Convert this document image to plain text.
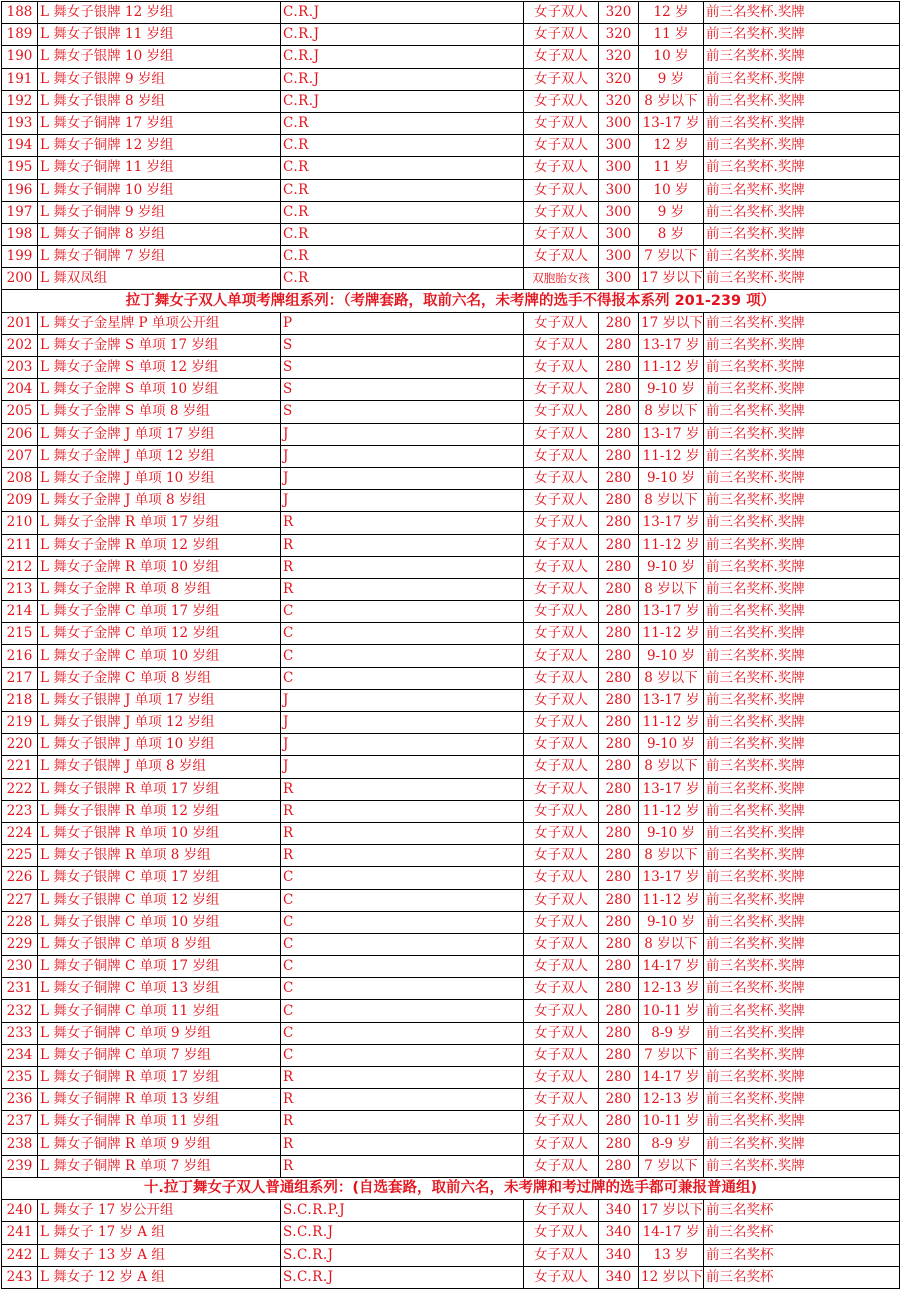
188	L 舞女子银牌 12 岁组	C.R.J	女子双人	320	12 岁	前三名奖杯.奖牌
189	L 舞女子银牌 11 岁组	C.R.J	女子双人	320	11 岁	前三名奖杯.奖牌
190	L 舞女子银牌 10 岁组	C.R.J	女子双人	320	10 岁	前三名奖杯.奖牌
191	L 舞女子银牌 9 岁组	C.R.J	女子双人	320	9 岁	前三名奖杯.奖牌
192	L 舞女子银牌 8 岁组	C.R.J	女子双人	320	8 岁以下	前三名奖杯.奖牌
193	L 舞女子铜牌 17 岁组	C.R	女子双人	300	13-17 岁	前三名奖杯.奖牌
194	L 舞女子铜牌 12 岁组	C.R	女子双人	300	12 岁	前三名奖杯.奖牌
195	L 舞女子铜牌 11 岁组	C.R	女子双人	300	11 岁	前三名奖杯.奖牌
196	L 舞女子铜牌 10 岁组	C.R	女子双人	300	10 岁	前三名奖杯.奖牌
197	L 舞女子铜牌 9 岁组	C.R	女子双人	300	9 岁	前三名奖杯.奖牌
198	L 舞女子铜牌 8 岁组	C.R	女子双人	300	8 岁	前三名奖杯.奖牌
199	L 舞女子铜牌 7 岁组	C.R	女子双人	300	7 岁以下	前三名奖杯.奖牌
200	L 舞双凤组	C.R	双胞胎女孩	300	17 岁以下	前三名奖杯.奖牌
拉丁舞女子双人单项考牌组系列：（考牌套路，取前六名，未考牌的选手不得报本系列 201-239 项）						
201	L 舞女子金星牌 P 单项公开组	P	女子双人	280	17 岁以下	前三名奖杯.奖牌
202	L 舞女子金牌 S 单项 17 岁组	S	女子双人	280	13-17 岁	前三名奖杯.奖牌
203	L 舞女子金牌 S 单项 12 岁组	S	女子双人	280	11-12 岁	前三名奖杯.奖牌
204	L 舞女子金牌 S 单项 10 岁组	S	女子双人	280	9-10 岁	前三名奖杯.奖牌
205	L 舞女子金牌 S 单项 8 岁组	S	女子双人	280	8 岁以下	前三名奖杯.奖牌
206	L 舞女子金牌 J 单项 17 岁组	J	女子双人	280	13-17 岁	前三名奖杯.奖牌
207	L 舞女子金牌 J 单项 12 岁组	J	女子双人	280	11-12 岁	前三名奖杯.奖牌
208	L 舞女子金牌 J 单项 10 岁组	J	女子双人	280	9-10 岁	前三名奖杯.奖牌
209	L 舞女子金牌 J 单项 8 岁组	J	女子双人	280	8 岁以下	前三名奖杯.奖牌
210	L 舞女子金牌 R 单项 17 岁组	R	女子双人	280	13-17 岁	前三名奖杯.奖牌
211	L 舞女子金牌 R 单项 12 岁组	R	女子双人	280	11-12 岁	前三名奖杯.奖牌
212	L 舞女子金牌 R 单项 10 岁组	R	女子双人	280	9-10 岁	前三名奖杯.奖牌
213	L 舞女子金牌 R 单项 8 岁组	R	女子双人	280	8 岁以下	前三名奖杯.奖牌
214	L 舞女子金牌 C 单项 17 岁组	C	女子双人	280	13-17 岁	前三名奖杯.奖牌
215	L 舞女子金牌 C 单项 12 岁组	C	女子双人	280	11-12 岁	前三名奖杯.奖牌
216	L 舞女子金牌 C 单项 10 岁组	C	女子双人	280	9-10 岁	前三名奖杯.奖牌
217	L 舞女子金牌 C 单项 8 岁组	C	女子双人	280	8 岁以下	前三名奖杯.奖牌
218	L 舞女子银牌 J 单项 17 岁组	J	女子双人	280	13-17 岁	前三名奖杯.奖牌
219	L 舞女子银牌 J 单项 12 岁组	J	女子双人	280	11-12 岁	前三名奖杯.奖牌
220	L 舞女子银牌 J 单项 10 岁组	J	女子双人	280	9-10 岁	前三名奖杯.奖牌
221	L 舞女子银牌 J 单项 8 岁组	J	女子双人	280	8 岁以下	前三名奖杯.奖牌
222	L 舞女子银牌 R 单项 17 岁组	R	女子双人	280	13-17 岁	前三名奖杯.奖牌
223	L 舞女子银牌 R 单项 12 岁组	R	女子双人	280	11-12 岁	前三名奖杯.奖牌
224	L 舞女子银牌 R 单项 10 岁组	R	女子双人	280	9-10 岁	前三名奖杯.奖牌
225	L 舞女子银牌 R 单项 8 岁组	R	女子双人	280	8 岁以下	前三名奖杯.奖牌
226	L 舞女子银牌 C 单项 17 岁组	C	女子双人	280	13-17 岁	前三名奖杯.奖牌
227	L 舞女子银牌 C 单项 12 岁组	C	女子双人	280	11-12 岁	前三名奖杯.奖牌
228	L 舞女子银牌 C 单项 10 岁组	C	女子双人	280	9-10 岁	前三名奖杯.奖牌
229	L 舞女子银牌 C 单项 8 岁组	C	女子双人	280	8 岁以下	前三名奖杯.奖牌
230	L 舞女子铜牌 C 单项 17 岁组	C	女子双人	280	14-17 岁	前三名奖杯.奖牌
231	L 舞女子铜牌 C 单项 13 岁组	C	女子双人	280	12-13 岁	前三名奖杯.奖牌
232	L 舞女子铜牌 C 单项 11 岁组	C	女子双人	280	10-11 岁	前三名奖杯.奖牌
233	L 舞女子铜牌 C 单项 9 岁组	C	女子双人	280	8-9 岁	前三名奖杯.奖牌
234	L 舞女子铜牌 C 单项 7 岁组	C	女子双人	280	7 岁以下	前三名奖杯.奖牌
235	L 舞女子铜牌 R 单项 17 岁组	R	女子双人	280	14-17 岁	前三名奖杯.奖牌
236	L 舞女子铜牌 R 单项 13 岁组	R	女子双人	280	12-13 岁	前三名奖杯.奖牌
237	L 舞女子铜牌 R 单项 11 岁组	R	女子双人	280	10-11 岁	前三名奖杯.奖牌
238	L 舞女子铜牌 R 单项 9 岁组	R	女子双人	280	8-9 岁	前三名奖杯.奖牌
239	L 舞女子铜牌 R 单项 7 岁组	R	女子双人	280	7 岁以下	前三名奖杯.奖牌
十.拉丁舞女子双人普通组系列：(自选套路，取前六名，未考牌和考过牌的选手都可兼报普通组)						
240	L 舞女子 17 岁公开组	S.C.R.P.J	女子双人	340	17 岁以下	前三名奖杯
241	L 舞女子 17 岁 A 组	S.C.R.J	女子双人	340	14-17 岁	前三名奖杯
242	L 舞女子 13 岁 A 组	S.C.R.J	女子双人	340	13 岁	前三名奖杯
243	L 舞女子 12 岁 A 组	S.C.R.J	女子双人	340	12 岁以下	前三名奖杯
